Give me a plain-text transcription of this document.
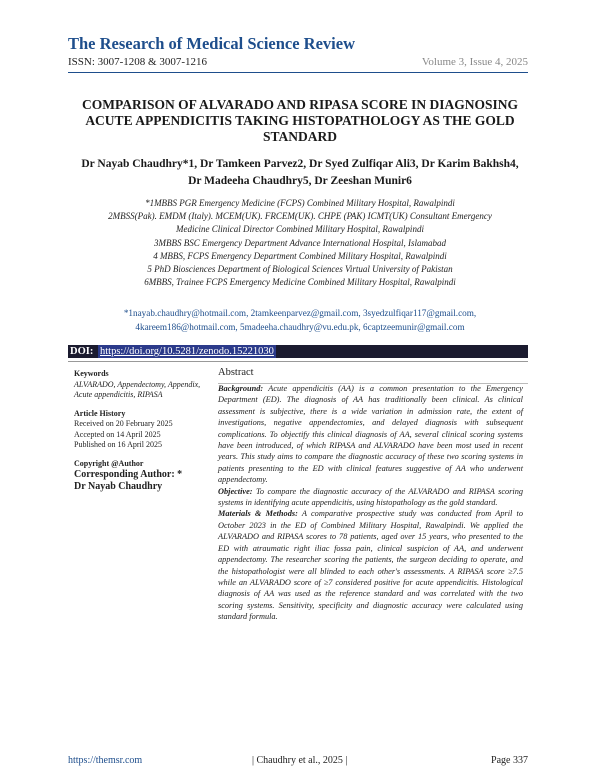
The Research of Medical Science Review
ISSN: 3007-1208 & 3007-1216	Volume 3, Issue 4, 2025
COMPARISON OF ALVARADO AND RIPASA SCORE IN DIAGNOSING ACUTE APPENDICITIS TAKING HISTOPATHOLOGY AS THE GOLD STANDARD
Dr Nayab Chaudhry*1, Dr Tamkeen Parvez2, Dr Syed Zulfiqar Ali3, Dr Karim Bakhsh4,
Dr Madeeha Chaudhry5, Dr Zeeshan Munir6
*1MBBS PGR Emergency Medicine (FCPS) Combined Military Hospital, Rawalpindi
2MBSS(Pak). EMDM (Italy). MCEM(UK). FRCEM(UK). CHPE (PAK) ICMT(UK) Consultant Emergency
Medicine Clinical Director Combined Military Hospital, Rawalpindi
3MBBS BSC Emergency Department Advance International Hospital, Islamabad
4 MBBS, FCPS Emergency Department Combined Military Hospital, Rawalpindi
5 PhD Biosciences Department of Biological Sciences Virtual University of Pakistan
6MBBS, Trainee FCPS Emergency Medicine Combined Military Hospital, Rawalpindi
*1nayab.chaudhry@hotmail.com, 2tamkeenparvez@gmail.com, 3syedzulfiqar117@gmail.com,
4kareem186@hotmail.com, 5madeeha.chaudhry@vu.edu.pk, 6captzeemunir@gmail.com
DOI: https://doi.org/10.5281/zenodo.15221030
Keywords
ALVARADO, Appendectomy, Appendix, Acute appendicitis, RIPASA
Article History
Received on 20 February 2025
Accepted on 14 April 2025
Published on 16 April 2025
Copyright @Author
Corresponding Author: *
Dr Nayab Chaudhry
Abstract

Background: Acute appendicitis (AA) is a common presentation to the Emergency Department (ED). The diagnosis of AA has traditionally been clinical. As clinical assessment is subjective, there is a wide variation in admission rate, the extent of investigations, negative appendectomies, and delayed diagnosis with subsequent complications. To objectify this clinical diagnosis of AA, several clinical scoring systems have been introduced, of which RIPASA and ALVARADO have been most used in recent years. This study aims to compare the diagnostic accuracy of these two scoring systems in patients presenting to the ED with clinical features suggestive of AA who underwent appendectomy.

Objective: To compare the diagnostic accuracy of the ALVARADO and RIPASA scoring systems in identifying acute appendicitis, using histopathology as the gold standard.

Materials & Methods: A comparative prospective study was conducted from April to October 2023 in the ED of Combined Military Hospital, Rawalpindi. We applied the ALVARADO and RIPASA scores to 78 patients, aged over 15 years, who presented to the ED with atraumatic right iliac fossa pain, clinical suspicion of AA, and underwent appendectomy. The researcher scoring the patients, the surgeon deciding to operate, and the histopathologist were all blinded to each other's assessments. A RIPASA score ≥7.5 while an ALVARADO score of ≥7 considered positive for acute appendicitis. Histological diagnosis of AA was used as the reference standard and was correlated with the two scoring systems. Sensitivity, specificity and diagnostic accuracy were calculated using standard formula.

https://themsr.com	| Chaudhry et al., 2025 |	Page 337
